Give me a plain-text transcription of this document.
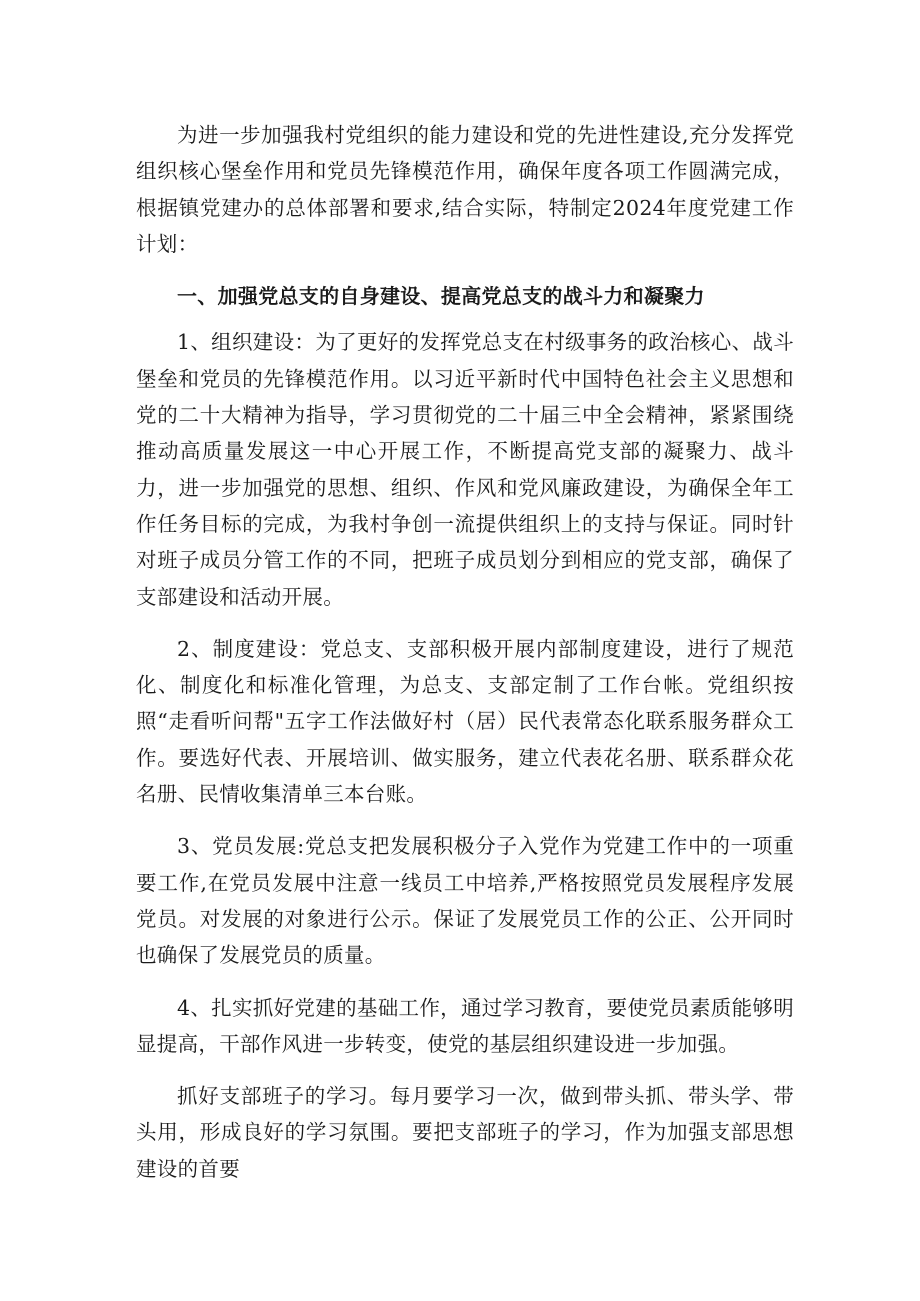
为进一步加强我村党组织的能力建设和党的先进性建设,充分发挥党组织核心堡垒作用和党员先锋模范作用，确保年度各项工作圆满完成，根据镇党建办的总体部署和要求,结合实际，特制定2024年度党建工作计划：

一、加强党总支的自身建设、提高党总支的战斗力和凝聚力

1、组织建设：为了更好的发挥党总支在村级事务的政治核心、战斗堡垒和党员的先锋模范作用。以习近平新时代中国特色社会主义思想和党的二十大精神为指导，学习贯彻党的二十届三中全会精神，紧紧围绕推动高质量发展这一中心开展工作，不断提高党支部的凝聚力、战斗力，进一步加强党的思想、组织、作风和党风廉政建设，为确保全年工作任务目标的完成，为我村争创一流提供组织上的支持与保证。同时针对班子成员分管工作的不同，把班子成员划分到相应的党支部，确保了支部建设和活动开展。

2、制度建设：党总支、支部积极开展内部制度建设，进行了规范化、制度化和标准化管理，为总支、支部定制了工作台帐。党组织按照“走看听问帮"五字工作法做好村（居）民代表常态化联系服务群众工作。要选好代表、开展培训、做实服务，建立代表花名册、联系群众花名册、民情收集清单三本台账。

3、党员发展:党总支把发展积极分子入党作为党建工作中的一项重要工作,在党员发展中注意一线员工中培养,严格按照党员发展程序发展党员。对发展的对象进行公示。保证了发展党员工作的公正、公开同时也确保了发展党员的质量。

4、扎实抓好党建的基础工作，通过学习教育，要使党员素质能够明显提高，干部作风进一步转变，使党的基层组织建设进一步加强。

抓好支部班子的学习。每月要学习一次，做到带头抓、带头学、带头用，形成良好的学习氛围。要把支部班子的学习，作为加强支部思想建设的首要
